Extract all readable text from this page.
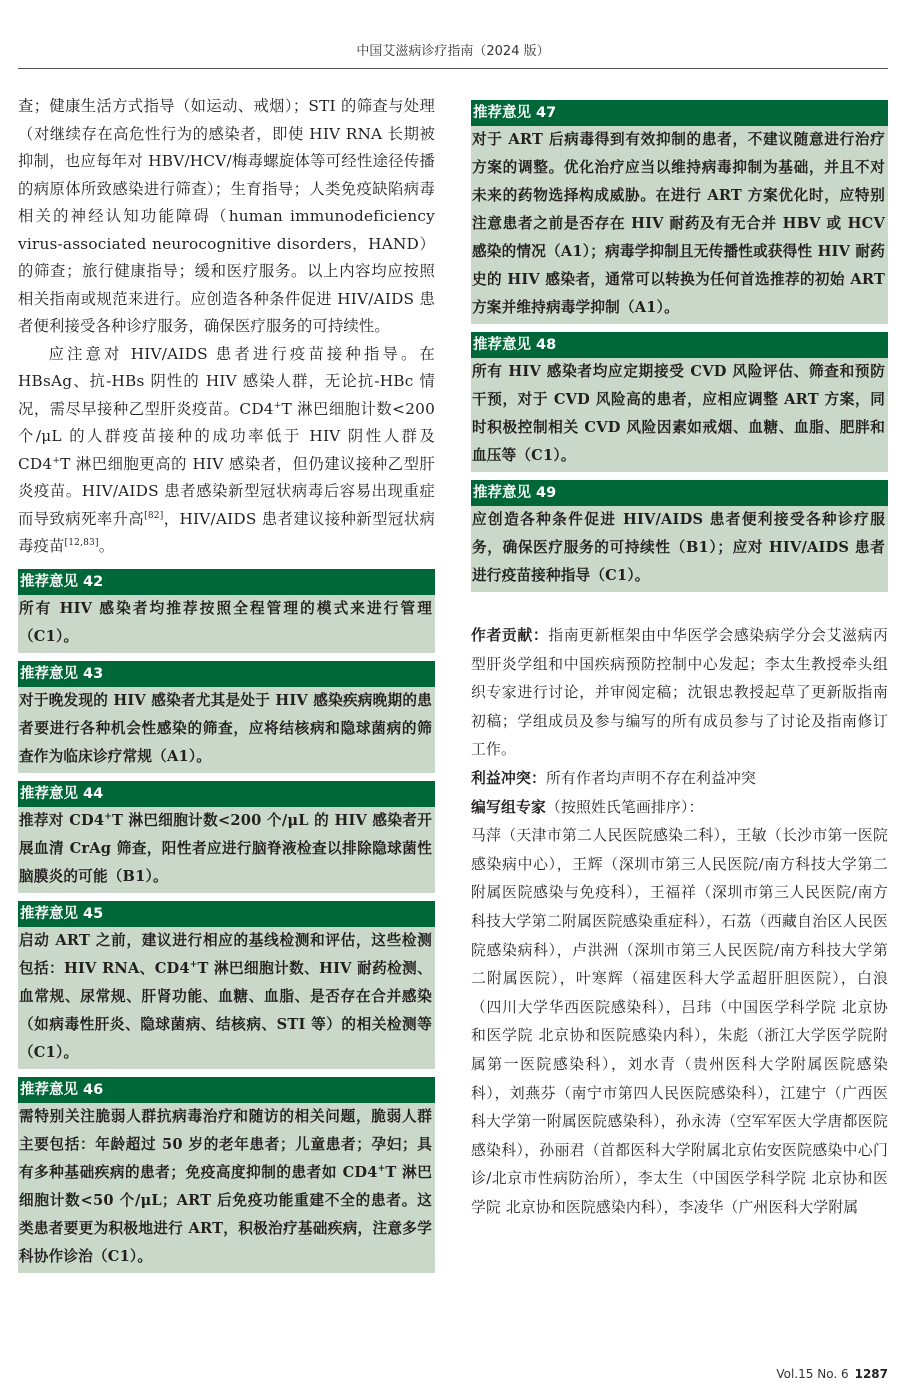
中国艾滋病诊疗指南（2024 版）

查；健康生活方式指导（如运动、戒烟）；STI 的筛查与处理（对继续存在高危性行为的感染者，即使 HIV RNA 长期被抑制，也应每年对 HBV/HCV/梅毒螺旋体等可经性途径传播的病原体所致感染进行筛查）；生育指导；人类免疫缺陷病毒相关的神经认知功能障碍（human immunodeficiency virus-associated neurocognitive disorders，HAND）的筛查；旅行健康指导；缓和医疗服务。以上内容均应按照相关指南或规范来进行。应创造各种条件促进 HIV/AIDS 患者便利接受各种诊疗服务，确保医疗服务的可持续性。

应注意对 HIV/AIDS 患者进行疫苗接种指导。在 HBsAg、抗-HBs 阴性的 HIV 感染人群，无论抗-HBc 情况，需尽早接种乙型肝炎疫苗。CD4+T 淋巴细胞计数<200 个/μL 的人群疫苗接种的成功率低于 HIV 阴性人群及 CD4+T 淋巴细胞更高的 HIV 感染者，但仍建议接种乙型肝炎疫苗。HIV/AIDS 患者感染新型冠状病毒后容易出现重症而导致病死率升高[82]，HIV/AIDS 患者建议接种新型冠状病毒疫苗[12,83]。

推荐意见 42
所有 HIV 感染者均推荐按照全程管理的模式来进行管理（C1）。
推荐意见 43
对于晚发现的 HIV 感染者尤其是处于 HIV 感染疾病晚期的患者要进行各种机会性感染的筛查，应将结核病和隐球菌病的筛查作为临床诊疗常规（A1）。
推荐意见 44
推荐对 CD4+T 淋巴细胞计数<200 个/μL 的 HIV 感染者开展血清 CrAg 筛查，阳性者应进行脑脊液检查以排除隐球菌性脑膜炎的可能（B1）。
推荐意见 45
启动 ART 之前，建议进行相应的基线检测和评估，这些检测包括：HIV RNA、CD4+T 淋巴细胞计数、HIV 耐药检测、血常规、尿常规、肝肾功能、血糖、血脂、是否存在合并感染（如病毒性肝炎、隐球菌病、结核病、STI 等）的相关检测等（C1）。
推荐意见 46
需特别关注脆弱人群抗病毒治疗和随访的相关问题，脆弱人群主要包括：年龄超过 50 岁的老年患者；儿童患者；孕妇；具有多种基础疾病的患者；免疫高度抑制的患者如 CD4+T 淋巴细胞计数<50 个/μL；ART 后免疫功能重建不全的患者。这类患者要更为积极地进行 ART，积极治疗基础疾病，注意多学科协作诊治（C1）。
推荐意见 47
对于 ART 后病毒得到有效抑制的患者，不建议随意进行治疗方案的调整。优化治疗应当以维持病毒抑制为基础，并且不对未来的药物选择构成威胁。在进行 ART 方案优化时，应特别注意患者之前是否存在 HIV 耐药及有无合并 HBV 或 HCV 感染的情况（A1）；病毒学抑制且无传播性或获得性 HIV 耐药史的 HIV 感染者，通常可以转换为任何首选推荐的初始 ART 方案并维持病毒学抑制（A1）。
推荐意见 48
所有 HIV 感染者均应定期接受 CVD 风险评估、筛查和预防干预，对于 CVD 风险高的患者，应相应调整 ART 方案，同时积极控制相关 CVD 风险因素如戒烟、血糖、血脂、肥胖和血压等（C1）。
推荐意见 49
应创造各种条件促进 HIV/AIDS 患者便利接受各种诊疗服务，确保医疗服务的可持续性（B1）；应对 HIV/AIDS 患者进行疫苗接种指导（C1）。

作者贡献：指南更新框架由中华医学会感染病学分会艾滋病丙型肝炎学组和中国疾病预防控制中心发起；李太生教授牵头组织专家进行讨论，并审阅定稿；沈银忠教授起草了更新版指南初稿；学组成员及参与编写的所有成员参与了讨论及指南修订工作。

利益冲突：所有作者均声明不存在利益冲突

编写组专家（按照姓氏笔画排序）：

马萍（天津市第二人民医院感染二科），王敏（长沙市第一医院感染病中心），王辉（深圳市第三人民医院/南方科技大学第二附属医院感染与免疫科），王福祥（深圳市第三人民医院/南方科技大学第二附属医院感染重症科），石荔（西藏自治区人民医院感染病科），卢洪洲（深圳市第三人民医院/南方科技大学第二附属医院），叶寒辉（福建医科大学孟超肝胆医院），白浪（四川大学华西医院感染科），吕玮（中国医学科学院 北京协和医学院 北京协和医院感染内科），朱彪（浙江大学医学院附属第一医院感染科），刘水青（贵州医科大学附属医院感染科），刘燕芬（南宁市第四人民医院感染科），江建宁（广西医科大学第一附属医院感染科），孙永涛（空军军医大学唐都医院感染科），孙丽君（首都医科大学附属北京佑安医院感染中心门诊/北京市性病防治所），李太生（中国医学科学院 北京协和医学院 北京协和医院感染内科），李凌华（广州医科大学附属

Vol.15 No. 6 1287
